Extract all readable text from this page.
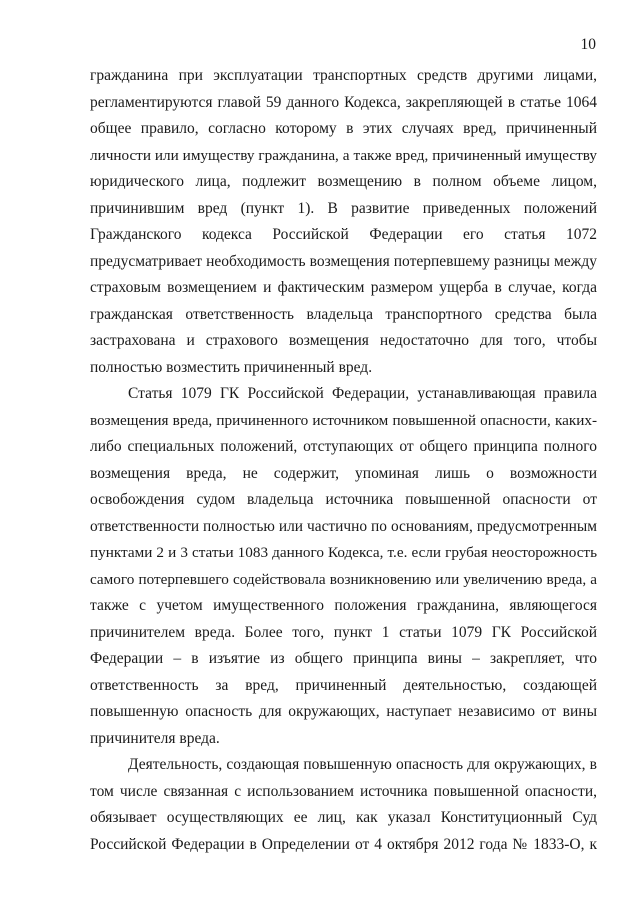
10
гражданина при эксплуатации транспортных средств другими лицами,
регламентируются главой 59 данного Кодекса, закрепляющей в статье 1064
общее правило, согласно которому в этих случаях вред, причиненный
личности или имуществу гражданина, а также вред, причиненный имуществу
юридического лица, подлежит возмещению в полном объеме лицом,
причинившим вред (пункт 1). В развитие приведенных положений
Гражданского кодекса Российской Федерации его статья 1072
предусматривает необходимость возмещения потерпевшему разницы между
страховым возмещением и фактическим размером ущерба в случае, когда
гражданская ответственность владельца транспортного средства была
застрахована и страхового возмещения недостаточно для того, чтобы
полностью возместить причиненный вред.
Статья 1079 ГК Российской Федерации, устанавливающая правила
возмещения вреда, причиненного источником повышенной опасности, каких-
либо специальных положений, отступающих от общего принципа полного
возмещения вреда, не содержит, упоминая лишь о возможности
освобождения судом владельца источника повышенной опасности от
ответственности полностью или частично по основаниям, предусмотренным
пунктами 2 и 3 статьи 1083 данного Кодекса, т.е. если грубая неосторожность
самого потерпевшего содействовала возникновению или увеличению вреда, а
также с учетом имущественного положения гражданина, являющегося
причинителем вреда. Более того, пункт 1 статьи 1079 ГК Российской
Федерации – в изъятие из общего принципа вины – закрепляет, что
ответственность за вред, причиненный деятельностью, создающей
повышенную опасность для окружающих, наступает независимо от вины
причинителя вреда.
Деятельность, создающая повышенную опасность для окружающих, в
том числе связанная с использованием источника повышенной опасности,
обязывает осуществляющих ее лиц, как указал Конституционный Суд
Российской Федерации в Определении от 4 октября 2012 года № 1833-О, к
